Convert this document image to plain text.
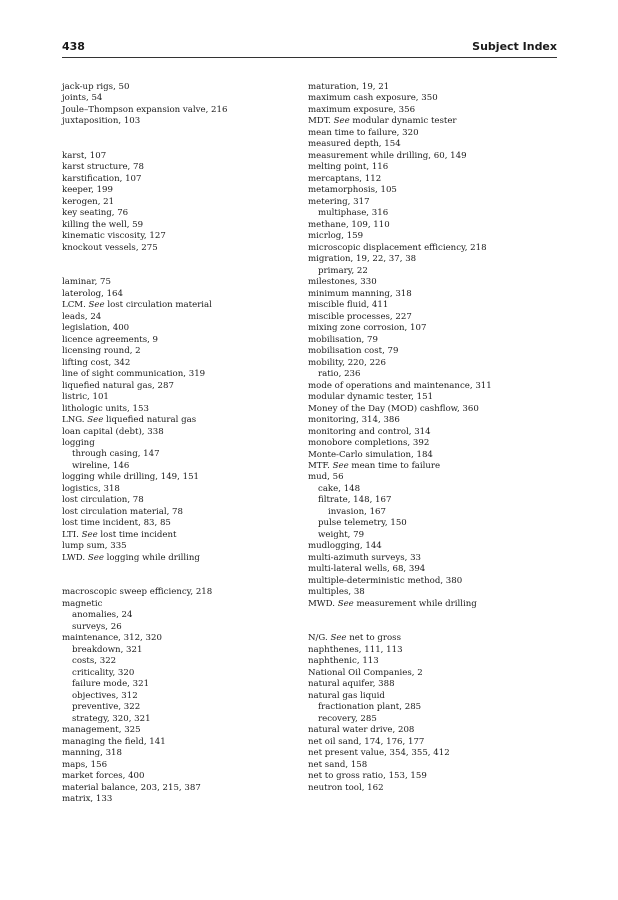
438	Subject Index
jack-up rigs, 50
joints, 54
Joule–Thompson expansion valve, 216
juxtaposition, 103
karst, 107
karst structure, 78
karstification, 107
keeper, 199
kerogen, 21
key seating, 76
killing the well, 59
kinematic viscosity, 127
knockout vessels, 275
laminar, 75
laterolog, 164
LCM. See lost circulation material
leads, 24
legislation, 400
licence agreements, 9
licensing round, 2
lifting cost, 342
line of sight communication, 319
liquefied natural gas, 287
listric, 101
lithologic units, 153
LNG. See liquefied natural gas
loan capital (debt), 338
logging
through casing, 147
wireline, 146
logging while drilling, 149, 151
logistics, 318
lost circulation, 78
lost circulation material, 78
lost time incident, 83, 85
LTI. See lost time incident
lump sum, 335
LWD. See logging while drilling
macroscopic sweep efficiency, 218
magnetic
anomalies, 24
surveys, 26
maintenance, 312, 320
breakdown, 321
costs, 322
criticality, 320
failure mode, 321
objectives, 312
preventive, 322
strategy, 320, 321
management, 325
managing the field, 141
manning, 318
maps, 156
market forces, 400
material balance, 203, 215, 387
matrix, 133
maturation, 19, 21
maximum cash exposure, 350
maximum exposure, 356
MDT. See modular dynamic tester
mean time to failure, 320
measured depth, 154
measurement while drilling, 60, 149
melting point, 116
mercaptans, 112
metamorphosis, 105
metering, 317
multiphase, 316
methane, 109, 110
micrlog, 159
microscopic displacement efficiency, 218
migration, 19, 22, 37, 38
primary, 22
milestones, 330
minimum manning, 318
miscible fluid, 411
miscible processes, 227
mixing zone corrosion, 107
mobilisation, 79
mobilisation cost, 79
mobility, 220, 226
ratio, 236
mode of operations and maintenance, 311
modular dynamic tester, 151
Money of the Day (MOD) cashflow, 360
monitoring, 314, 386
monitoring and control, 314
monobore completions, 392
Monte-Carlo simulation, 184
MTF. See mean time to failure
mud, 56
cake, 148
filtrate, 148, 167
invasion, 167
pulse telemetry, 150
weight, 79
mudlogging, 144
multi-azimuth surveys, 33
multi-lateral wells, 68, 394
multiple-deterministic method, 380
multiples, 38
MWD. See measurement while drilling
N/G. See net to gross
naphthenes, 111, 113
naphthenic, 113
National Oil Companies, 2
natural aquifer, 388
natural gas liquid
fractionation plant, 285
recovery, 285
natural water drive, 208
net oil sand, 174, 176, 177
net present value, 354, 355, 412
net sand, 158
net to gross ratio, 153, 159
neutron tool, 162
